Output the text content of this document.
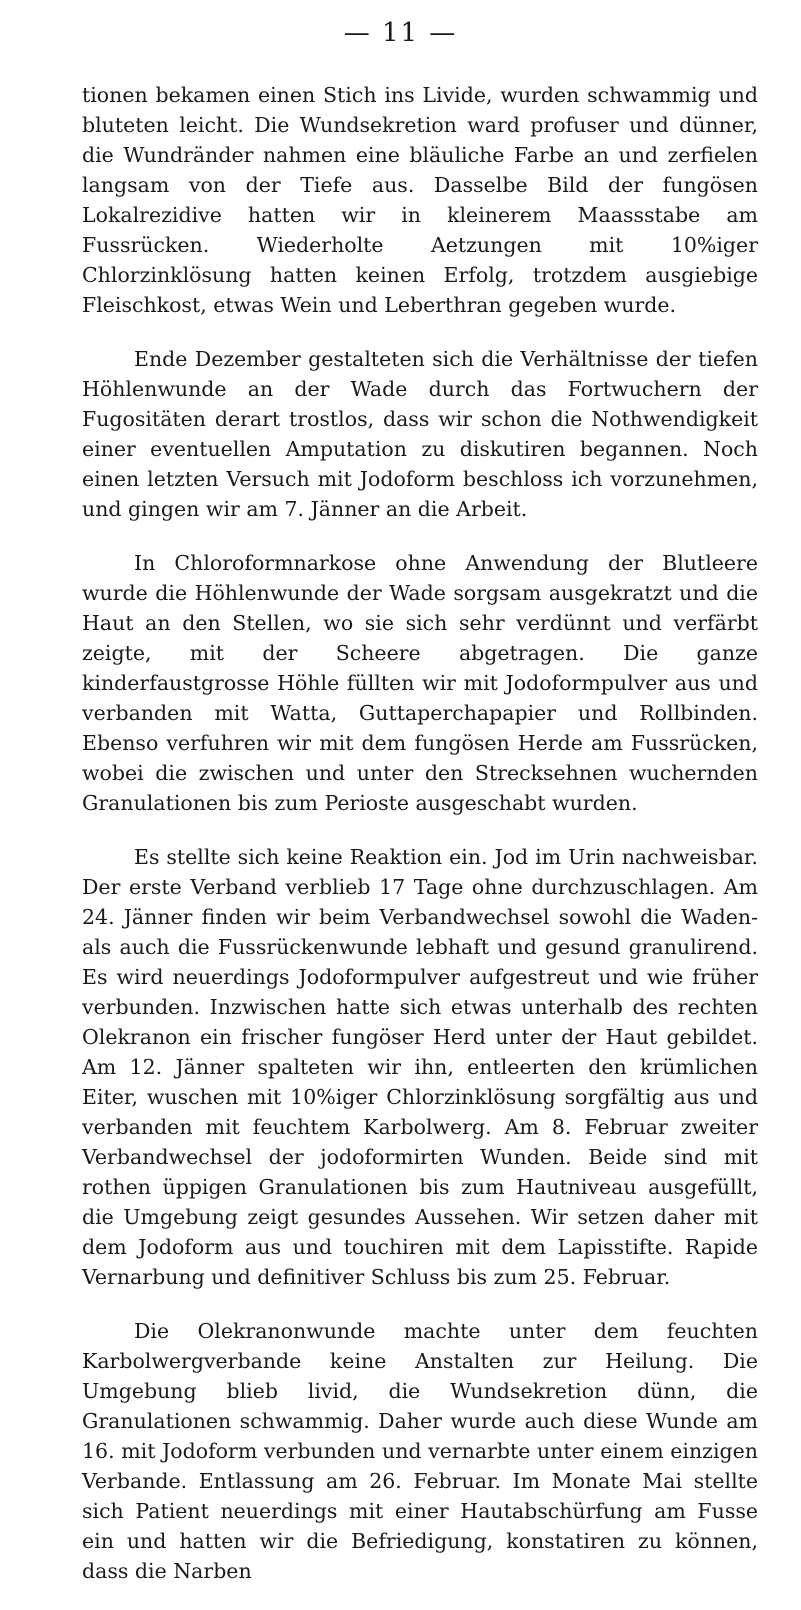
— 11 —

tionen bekamen einen Stich ins Livide, wurden schwammig und bluteten leicht. Die Wundsekretion ward profuser und dünner, die Wundränder nahmen eine bläuliche Farbe an und zerfielen langsam von der Tiefe aus. Dasselbe Bild der fungösen Lokalrezidive hatten wir in kleinerem Maassstabe am Fussrücken. Wiederholte Aetzungen mit 10%iger Chlorzinklösung hatten keinen Erfolg, trotzdem ausgiebige Fleischkost, etwas Wein und Leberthran gegeben wurde.

Ende Dezember gestalteten sich die Verhältnisse der tiefen Höhlenwunde an der Wade durch das Fortwuchern der Fugositäten derart trostlos, dass wir schon die Nothwendigkeit einer eventuellen Amputation zu diskutiren begannen. Noch einen letzten Versuch mit Jodoform beschloss ich vorzunehmen, und gingen wir am 7. Jänner an die Arbeit.

In Chloroformnarkose ohne Anwendung der Blutleere wurde die Höhlenwunde der Wade sorgsam ausgekratzt und die Haut an den Stellen, wo sie sich sehr verdünnt und verfärbt zeigte, mit der Scheere abgetragen. Die ganze kinderfaustgrosse Höhle füllten wir mit Jodoformpulver aus und verbanden mit Watta, Guttaperchapapier und Rollbinden. Ebenso verfuhren wir mit dem fungösen Herde am Fussrücken, wobei die zwischen und unter den Strecksehnen wuchernden Granulationen bis zum Perioste ausgeschabt wurden.

Es stellte sich keine Reaktion ein. Jod im Urin nachweisbar. Der erste Verband verblieb 17 Tage ohne durchzuschlagen. Am 24. Jänner finden wir beim Verbandwechsel sowohl die Waden- als auch die Fussrückenwunde lebhaft und gesund granulirend. Es wird neuerdings Jodoformpulver aufgestreut und wie früher verbunden. Inzwischen hatte sich etwas unterhalb des rechten Olekranon ein frischer fungöser Herd unter der Haut gebildet. Am 12. Jänner spalteten wir ihn, entleerten den krümlichen Eiter, wuschen mit 10%iger Chlorzinklösung sorgfältig aus und verbanden mit feuchtem Karbolwerg. Am 8. Februar zweiter Verbandwechsel der jodoformirten Wunden. Beide sind mit rothen üppigen Granulationen bis zum Hautniveau ausgefüllt, die Umgebung zeigt gesundes Aussehen. Wir setzen daher mit dem Jodoform aus und touchiren mit dem Lapisstifte. Rapide Vernarbung und definitiver Schluss bis zum 25. Februar.

Die Olekranonwunde machte unter dem feuchten Karbolwergverbande keine Anstalten zur Heilung. Die Umgebung blieb livid, die Wundsekretion dünn, die Granulationen schwammig. Daher wurde auch diese Wunde am 16. mit Jodoform verbunden und vernarbte unter einem einzigen Verbande. Entlassung am 26. Februar. Im Monate Mai stellte sich Patient neuerdings mit einer Hautabschürfung am Fusse ein und hatten wir die Befriedigung, konstatiren zu können, dass die Narben
